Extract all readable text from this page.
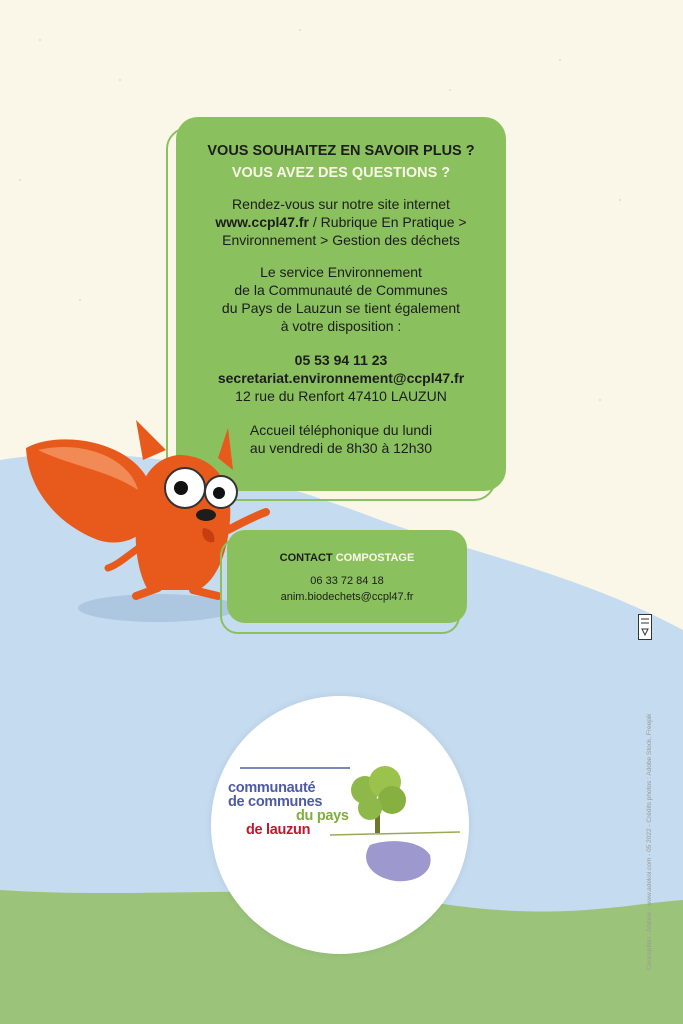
VOUS SOUHAITEZ EN SAVOIR PLUS ?
VOUS AVEZ DES QUESTIONS ?
Rendez-vous sur notre site internet
www.ccpl47.fr / Rubrique En Pratique >
Environnement > Gestion des déchets
Le service Environnement
de la Communauté de Communes
du Pays de Lauzun se tient également
à votre disposition :
05 53 94 11 23
secretariat.environnement@ccpl47.fr
12 rue du Renfort 47410 LAUZUN
Accueil téléphonique du lundi
au vendredi de 8h30 à 12h30
CONTACT COMPOSTAGE
06 33 72 84 18
anim.biodechets@ccpl47.fr
communauté
de communes
du pays
de lauzun	Conception : Adékoi - www.adekoi.com - 05 2022 - Crédits photos : Adobe Stock, Freepik
